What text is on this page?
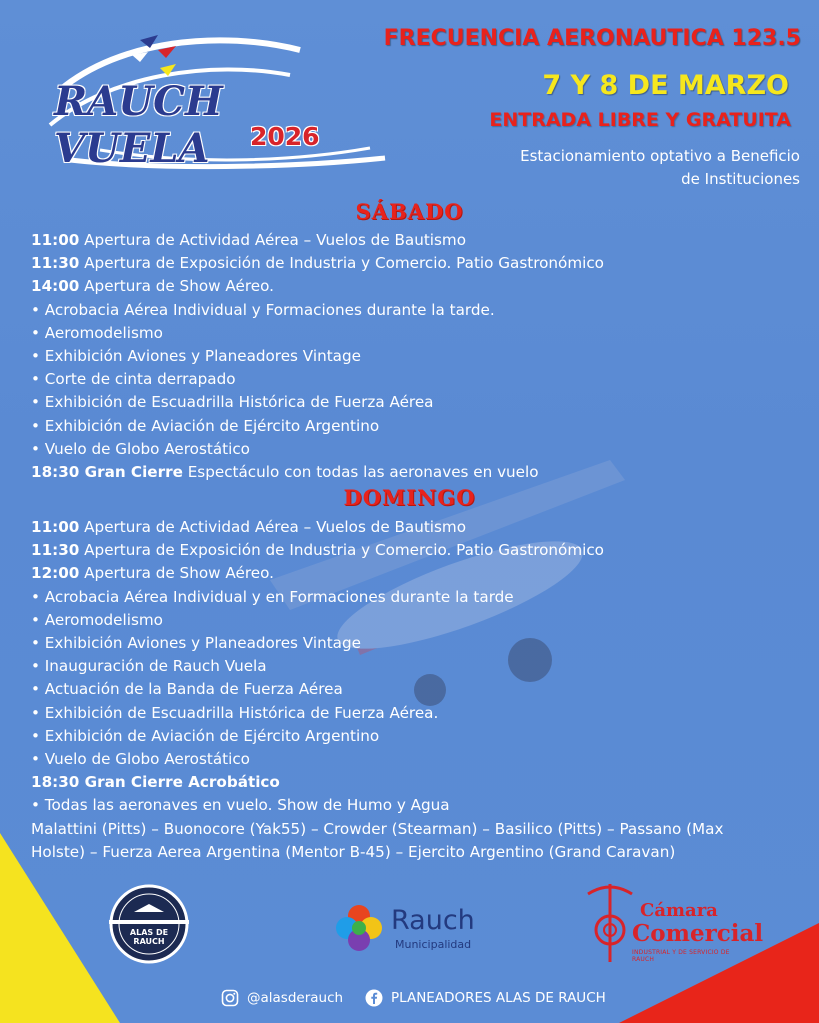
RAUCH VUELA	2026
FRECUENCIA AERONAUTICA 123.5
7 Y 8 DE MARZO
ENTRADA LIBRE Y GRATUITA
Estacionamiento optativo a Beneficio
de Instituciones
SÁBADO
11:00 Apertura de Actividad Aérea – Vuelos de Bautismo
11:30 Apertura de Exposición de Industria y Comercio. Patio Gastronómico
14:00 Apertura de Show Aéreo.
• Acrobacia Aérea Individual y Formaciones durante la tarde.
• Aeromodelismo
• Exhibición Aviones y Planeadores Vintage
• Corte de cinta derrapado
• Exhibición de Escuadrilla Histórica de Fuerza Aérea
• Exhibición de Aviación de Ejército Argentino
• Vuelo de Globo Aerostático
18:30 Gran Cierre Espectáculo con todas las aeronaves en vuelo
DOMINGO
11:00 Apertura de Actividad Aérea – Vuelos de Bautismo
11:30 Apertura de Exposición de Industria y Comercio. Patio Gastronómico
12:00 Apertura de Show Aéreo.
• Acrobacia Aérea Individual y en Formaciones durante la tarde
• Aeromodelismo
• Exhibición Aviones y Planeadores Vintage
• Inauguración de Rauch Vuela
• Actuación de la Banda de Fuerza Aérea
• Exhibición de Escuadrilla Histórica de Fuerza Aérea.
• Exhibición de Aviación de Ejército Argentino
• Vuelo de Globo Aerostático
18:30 Gran Cierre Acrobático
• Todas las aeronaves en vuelo. Show de Humo y Agua
Malattini (Pitts) – Buonocore (Yak55) – Crowder (Stearman) – Basilico (Pitts) – Passano (Max
Holste) – Fuerza Aerea Argentina (Mentor B-45) – Ejercito Argentino (Grand Caravan)
ALAS DE RAUCH
Rauch
Municipalidad
Cámara
Comercial
INDUSTRIAL Y DE SERVICIO DE RAUCH
@alasderauch	PLANEADORES ALAS DE RAUCH
